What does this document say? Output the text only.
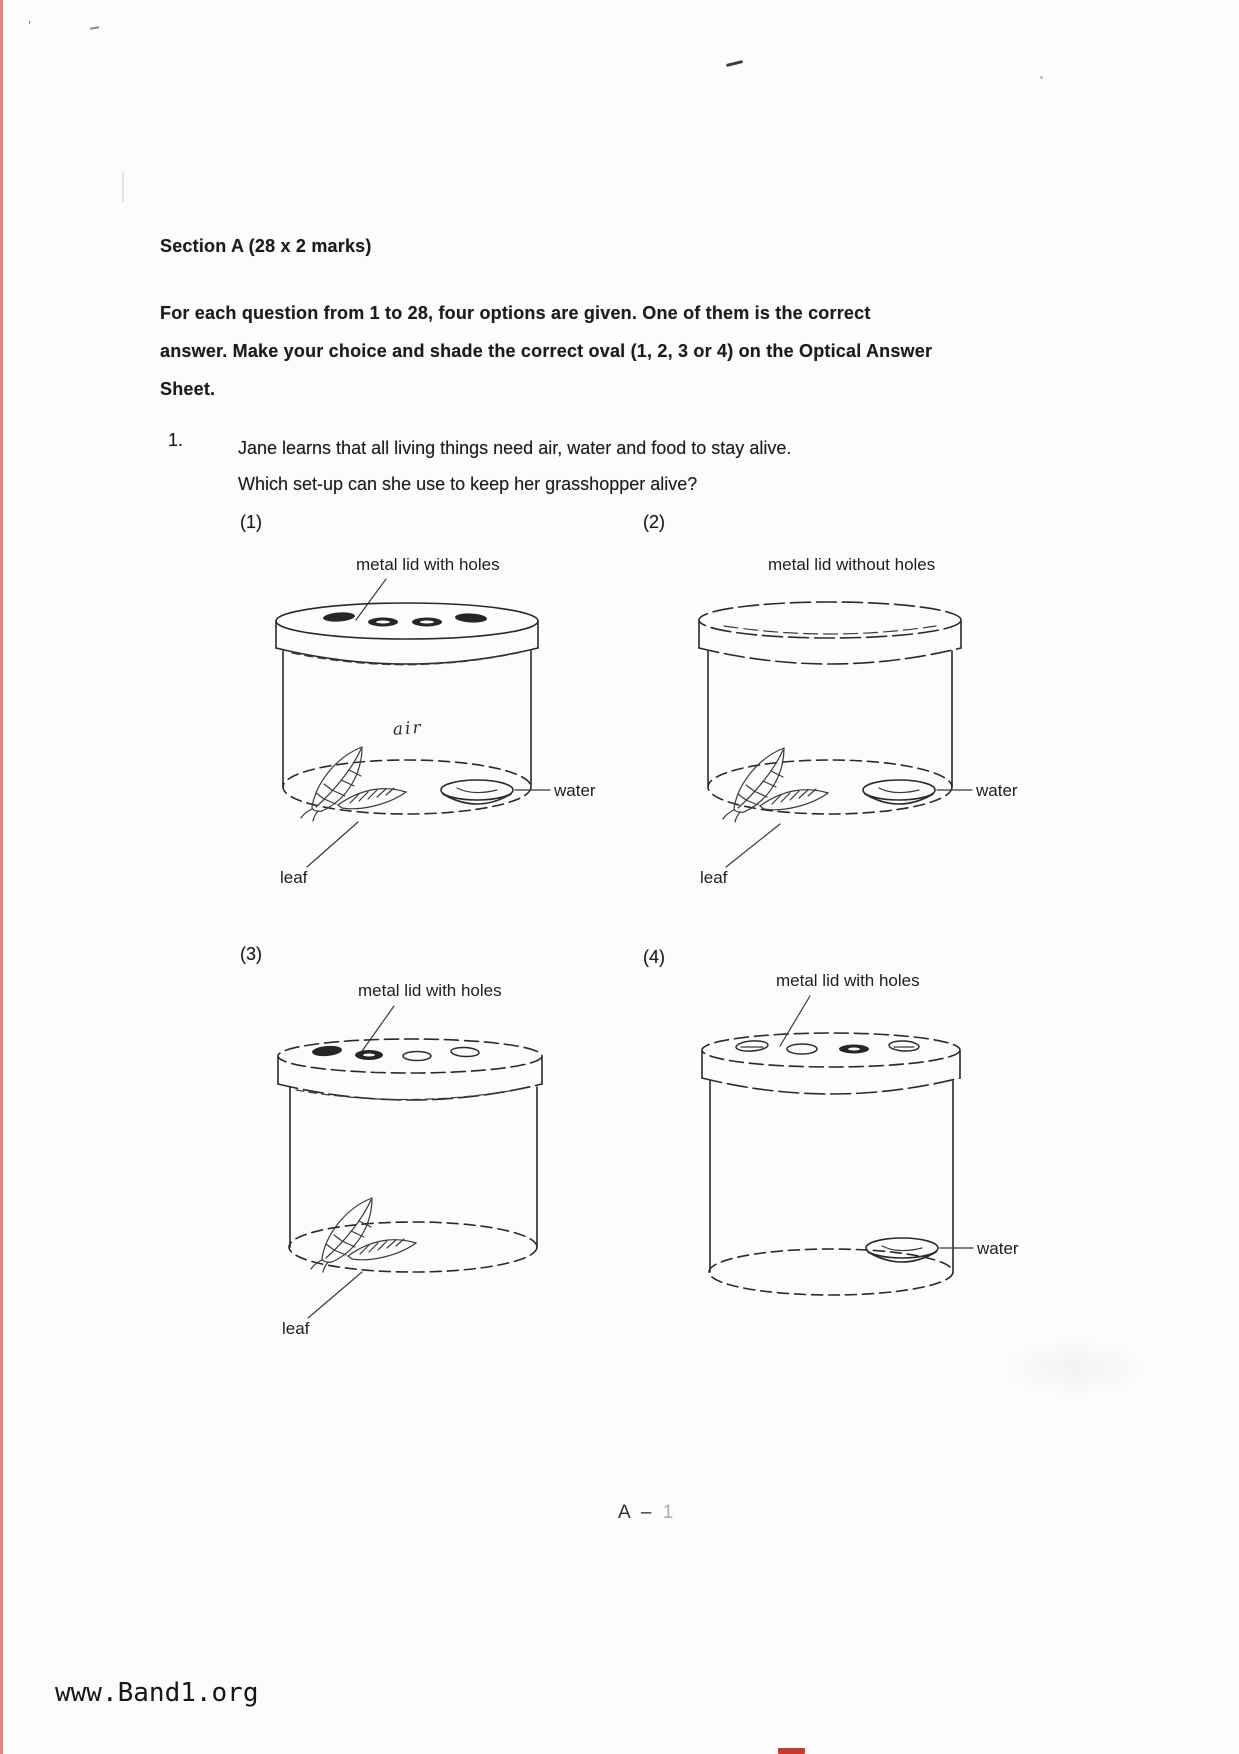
ʹ
Section A (28 x 2 marks)
For each question from 1 to 28, four options are given. One of them is the correct
answer. Make your choice and shade the correct oval (1, 2, 3 or 4) on the Optical Answer
Sheet.
1.	Jane learns that all living things need air, water and food to stay alive.
Which set-up can she use to keep her grasshopper alive?
(1)	(2)
(3)	(4)
metal lid with holes
air
water
leaf
metal lid without holes
water
leaf
metal lid with holes
leaf
metal lid with holes
water
A – 1
www.Band1.org
